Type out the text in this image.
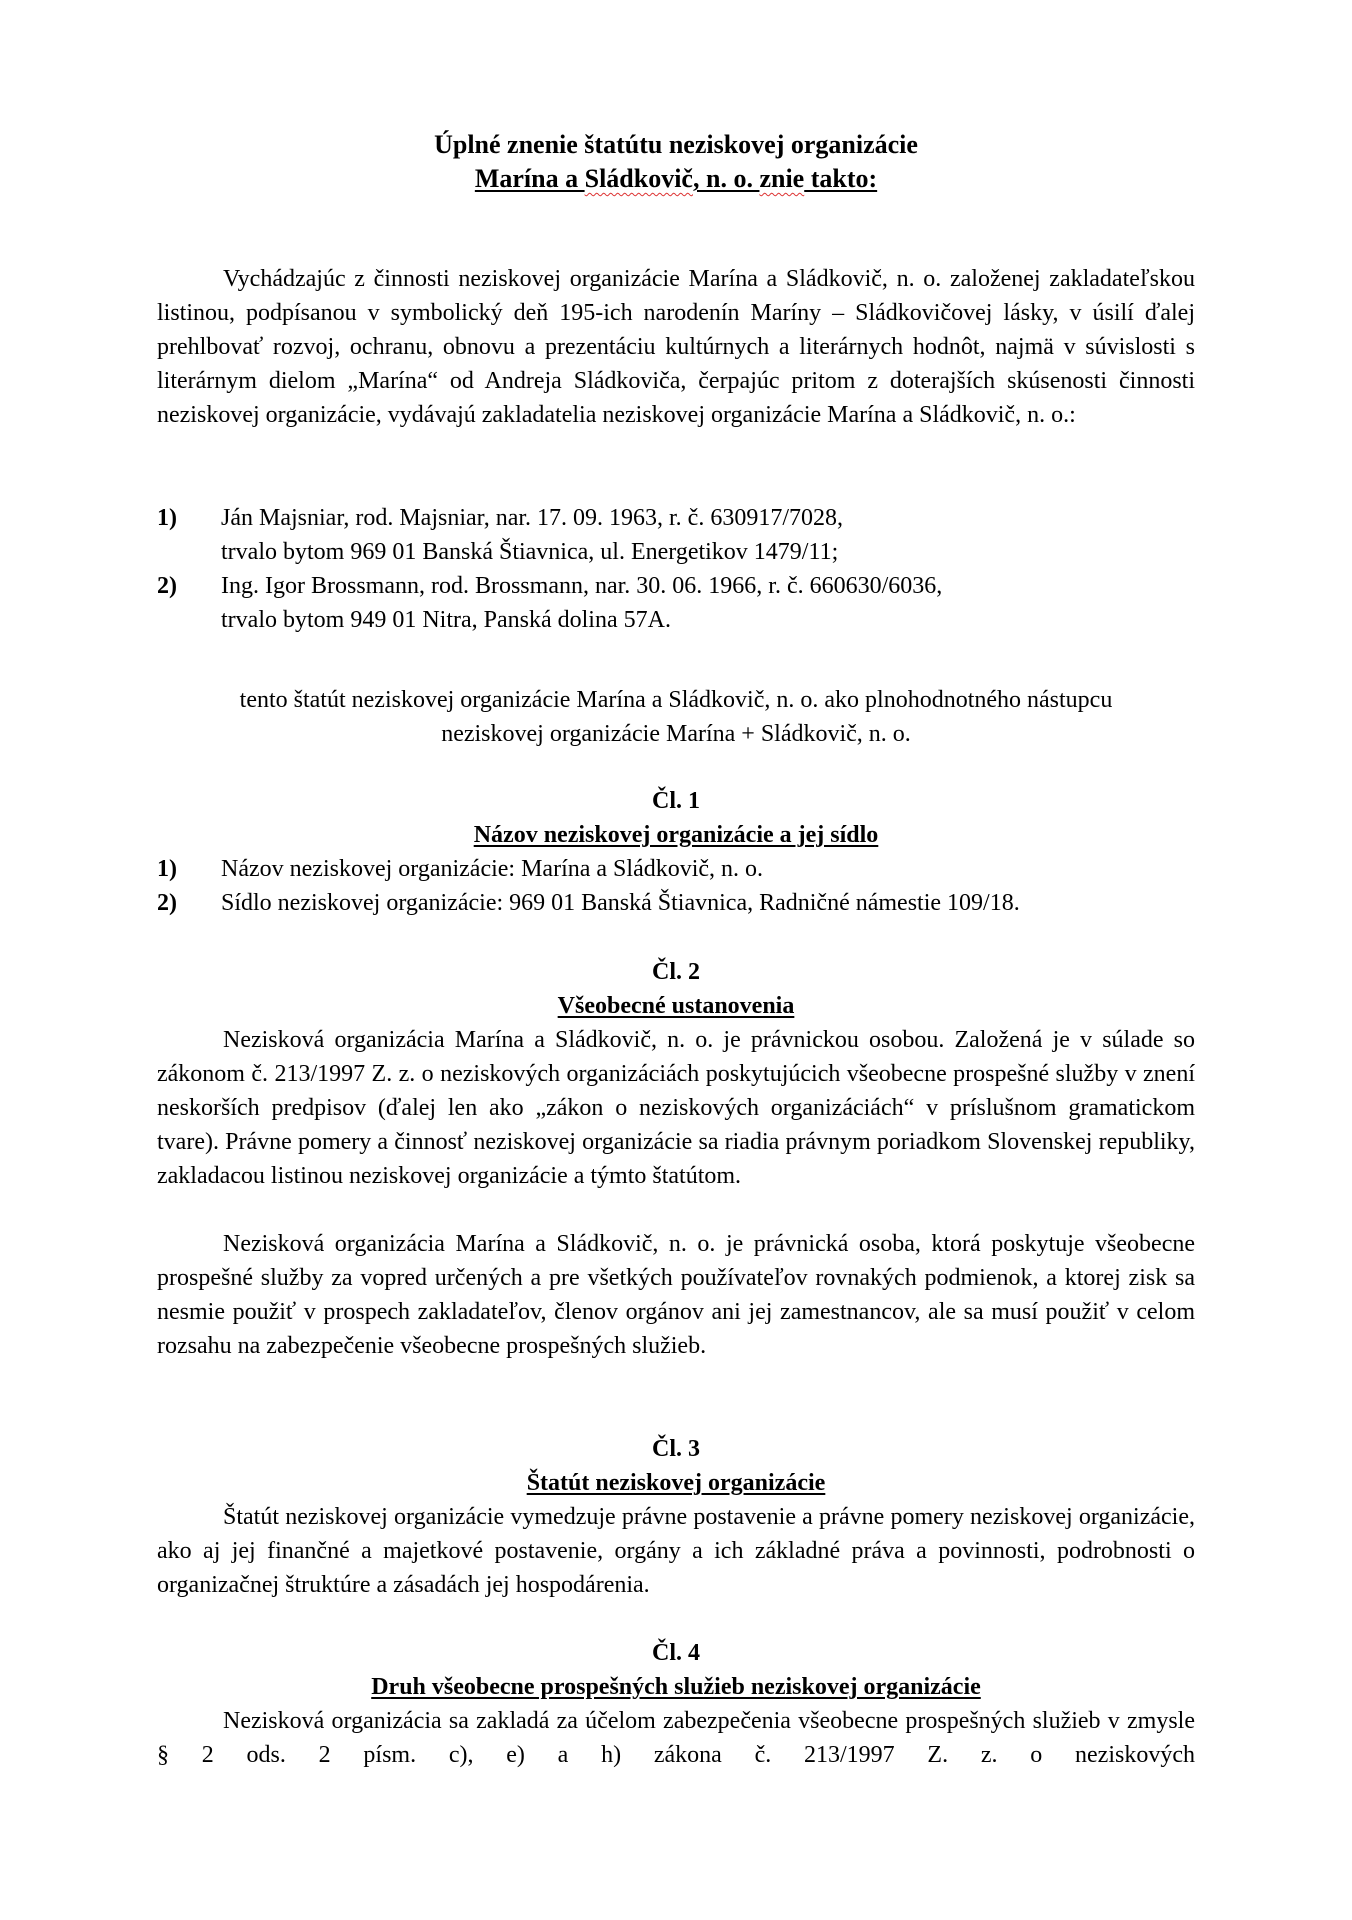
Úplné znenie štatútu neziskovej organizácie
Marína a Sládkovič, n. o. znie takto:

Vychádzajúc z činnosti neziskovej organizácie Marína a Sládkovič, n. o. založenej zakladateľskou listinou, podpísanou v symbolický deň 195-ich narodenín Maríny – Sládkovičovej lásky, v úsilí ďalej prehlbovať rozvoj, ochranu, obnovu a prezentáciu kultúrnych a literárnych hodnôt, najmä v súvislosti s literárnym dielom „Marína“ od Andreja Sládkoviča, čerpajúc pritom z doterajších skúsenosti činnosti neziskovej organizácie, vydávajú zakladatelia neziskovej organizácie Marína a Sládkovič, n. o.:

1) Ján Majsniar, rod. Majsniar, nar. 17. 09. 1963, r. č. 630917/7028,
trvalo bytom 969 01 Banská Štiavnica, ul. Energetikov 1479/11;
2) Ing. Igor Brossmann, rod. Brossmann, nar. 30. 06. 1966, r. č. 660630/6036,
trvalo bytom 949 01 Nitra, Panská dolina 57A.
tento štatút neziskovej organizácie Marína a Sládkovič, n. o. ako plnohodnotného nástupcu
neziskovej organizácie Marína + Sládkovič, n. o.
Čl. 1
Názov neziskovej organizácie a jej sídlo
1) Názov neziskovej organizácie: Marína a Sládkovič, n. o.
2) Sídlo neziskovej organizácie: 969 01 Banská Štiavnica, Radničné námestie 109/18.
Čl. 2
Všeobecné ustanovenia

Nezisková organizácia Marína a Sládkovič, n. o. je právnickou osobou. Založená je v súlade so zákonom č. 213/1997 Z. z. o neziskových organizáciách poskytujúcich všeobecne prospešné služby v znení neskorších predpisov (ďalej len ako „zákon o neziskových organizáciách“ v príslušnom gramatickom tvare). Právne pomery a činnosť neziskovej organizácie sa riadia právnym poriadkom Slovenskej republiky, zakladacou listinou neziskovej organizácie a týmto štatútom.

Nezisková organizácia Marína a Sládkovič, n. o. je právnická osoba, ktorá poskytuje všeobecne prospešné služby za vopred určených a pre všetkých používateľov rovnakých podmienok, a ktorej zisk sa nesmie použiť v prospech zakladateľov, členov orgánov ani jej zamestnancov, ale sa musí použiť v celom rozsahu na zabezpečenie všeobecne prospešných služieb.

Čl. 3
Štatút neziskovej organizácie

Štatút neziskovej organizácie vymedzuje právne postavenie a právne pomery neziskovej organizácie, ako aj jej finančné a majetkové postavenie, orgány a ich základné práva a povinnosti, podrobnosti o organizačnej štruktúre a zásadách jej hospodárenia.

Čl. 4
Druh všeobecne prospešných služieb neziskovej organizácie

Nezisková organizácia sa zakladá za účelom zabezpečenia všeobecne prospešných služieb v zmysle § 2 ods. 2 písm. c), e) a h) zákona č. 213/1997 Z. z. o neziskových
